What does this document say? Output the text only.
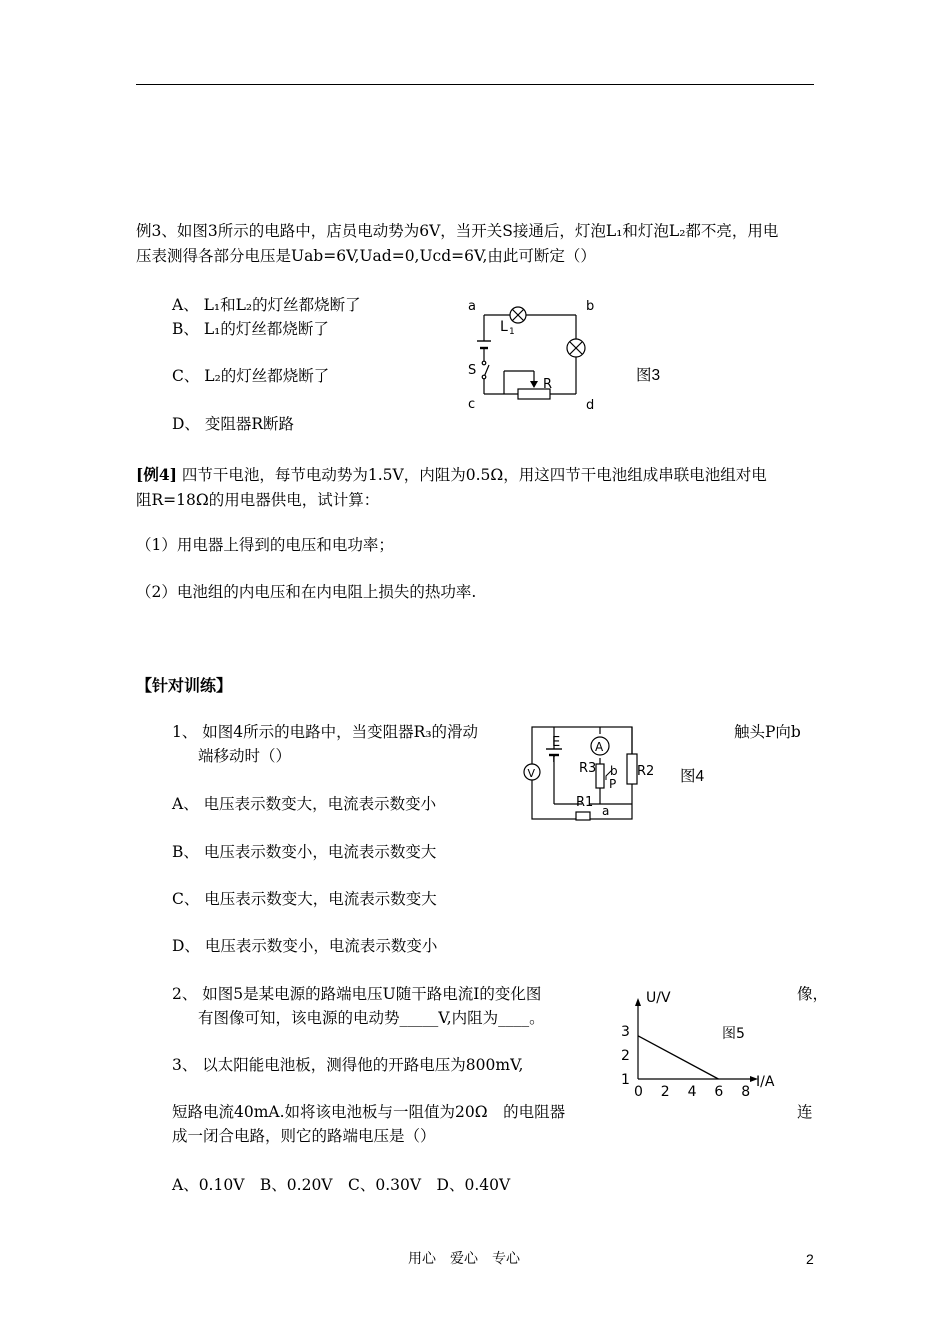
例3、如图3所示的电路中，店员电动势为6V，当开关S接通后，灯泡L₁和灯泡L₂都不亮，用电
压表测得各部分电压是Uab=6V,Uad=0,Ucd=6V,由此可断定（）
A、 L₁和L₂的灯丝都烧断了
B、 L₁的灯丝都烧断了
C、 L₂的灯丝都烧断了
D、 变阻器R断路
a	b
c	d
L 1
S
R
图3
[例4] 四节干电池，每节电动势为1.5V，内阻为0.5Ω，用这四节干电池组成串联电池组对电
阻R=18Ω的用电器供电，试计算：
（1）用电器上得到的电压和电功率；
（2）电池组的内电压和在内电阻上损失的热功率.
【针对训练】
1、 如图4所示的电路中，当变阻器R₃的滑动	触头P向b
端移动时（）
A、 电压表示数变大，电流表示数变小
B、 电压表示数变小，电流表示数变大
C、 电压表示数变大，电流表示数变大
D、 电压表示数变小，电流表示数变小
V
A
E
r
R3	R2
R1
b
P
a
图4
2、 如图5是某电源的路端电压U随干路电流I的变化图	像，
有图像可知，该电源的电动势_____V,内阻为____。
3、 以太阳能电池板，测得他的开路电压为800mV,
短路电流40mA.如将该电池板与一阻值为20Ω　的电阻器	连
成一闭合电路，则它的路端电压是（）
A、0.10V　B、0.20V　C、0.30V　D、0.40V
0 2 4 6 8
1
2
3
U/V
I/A
图5
用心　爱心　专心	2
